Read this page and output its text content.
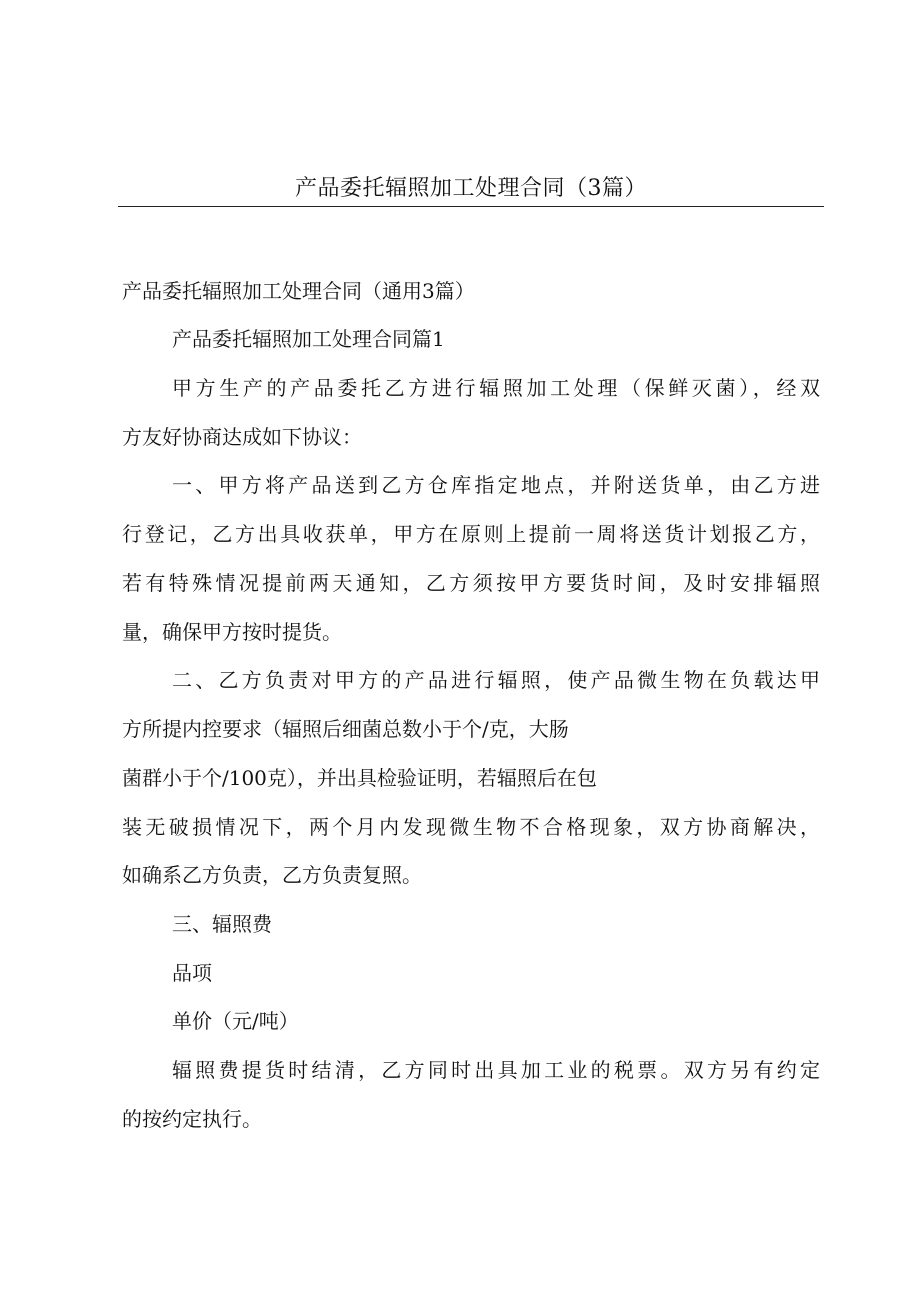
产品委托辐照加工处理合同（3篇）
产品委托辐照加工处理合同（通用3篇）
产品委托辐照加工处理合同篇1
甲方生产的产品委托乙方进行辐照加工处理（保鲜灭菌），经双
方友好协商达成如下协议：
一、甲方将产品送到乙方仓库指定地点，并附送货单，由乙方进
行登记，乙方出具收获单，甲方在原则上提前一周将送货计划报乙方，
若有特殊情况提前两天通知，乙方须按甲方要货时间，及时安排辐照
量，确保甲方按时提货。
二、乙方负责对甲方的产品进行辐照，使产品微生物在负载达甲
方所提内控要求（辐照后细菌总数小于个/克，大肠
菌群小于个/100克），并出具检验证明，若辐照后在包
装无破损情况下，两个月内发现微生物不合格现象，双方协商解决，
如确系乙方负责，乙方负责复照。
三、辐照费
品项
单价（元/吨）
辐照费提货时结清，乙方同时出具加工业的税票。双方另有约定
的按约定执行。
